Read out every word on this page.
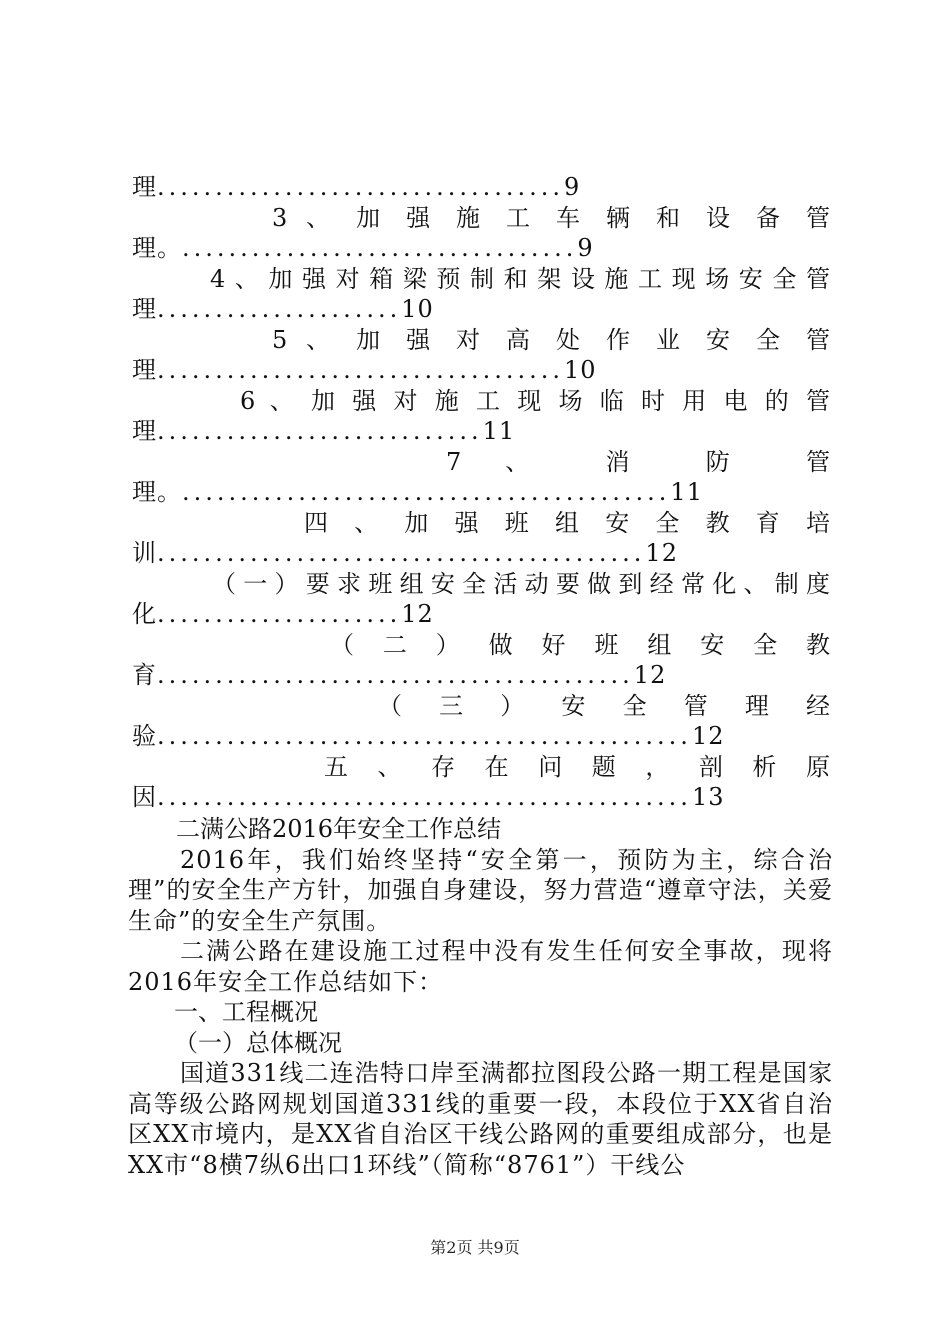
理...................................9
3 、 加 强 施 工 车 辆 和 设 备 管
理。..................................9
4、加强对箱梁预制和架设施工现场安全管
理.....................10
5 、 加 强 对 高 处 作 业 安 全 管
理...................................10
6 、 加 强 对 施 工 现 场 临 时 用 电 的 管
理............................11
7 、 消 防 管
理。..........................................11
四 、 加 强 班 组 安 全 教 育 培
训..........................................12
（一）要求班组安全活动要做到经常化、制度
化.....................12
（ 二 ） 做 好 班 组 安 全 教
育.........................................12
（ 三 ） 安 全 管 理 经
验..............................................12
五 、 存 在 问 题 ， 剖 析 原
因..............................................13
二满公路2016年安全工作总结

2016年，我们始终坚持“安全第一，预防为主，综合治理”的安全生产方针，加强自身建设，努力营造“遵章守法，关爱生命”的安全生产氛围。

二满公路在建设施工过程中没有发生任何安全事故，现将2016年安全工作总结如下：

一、工程概况
（一）总体概况

国道331线二连浩特口岸至满都拉图段公路一期工程是国家高等级公路网规划国道331线的重要一段，本段位于XX省自治区XX市境内，是XX省自治区干线公路网的重要组成部分，也是XX市“8横7纵6出口1环线”（简称“8761”）干线公

第2页 共9页
